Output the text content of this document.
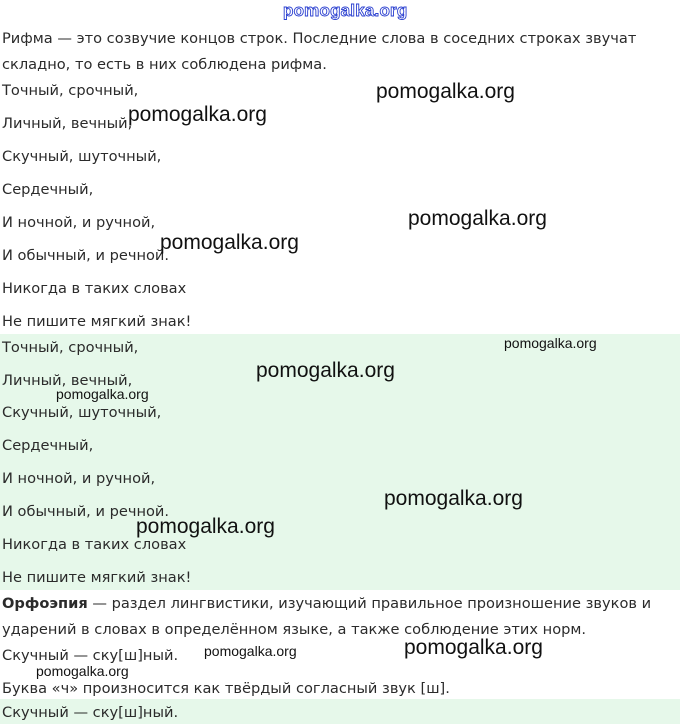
pomogalka.org
Рифма — это созвучие концов строк. Последние слова в соседних строках звучат
складно, то есть в них соблюдена рифма.
Точный, срочный,
Личный, вечный,
Скучный, шуточный,
Сердечный,
И ночной, и ручной,
И обычный, и речной.
Никогда в таких словах
Не пишите мягкий знак!
Точный, срочный,
Личный, вечный,
Скучный, шуточный,
Сердечный,
И ночной, и ручной,
И обычный, и речной.
Никогда в таких словах
Не пишите мягкий знак!
Орфоэпия — раздел лингвистики, изучающий правильное произношение звуков и
ударений в словах в определённом языке, а также соблюдение этих норм.
Скучный — ску[ш]ный.
Буква «ч» произносится как твёрдый согласный звук [ш].
Скучный — ску[ш]ный.
pomogalka.org
pomogalka.org
pomogalka.org
pomogalka.org
pomogalka.org
pomogalka.org
pomogalka.org
pomogalka.org
pomogalka.org
pomogalka.org	pomogalka.org
pomogalka.org
